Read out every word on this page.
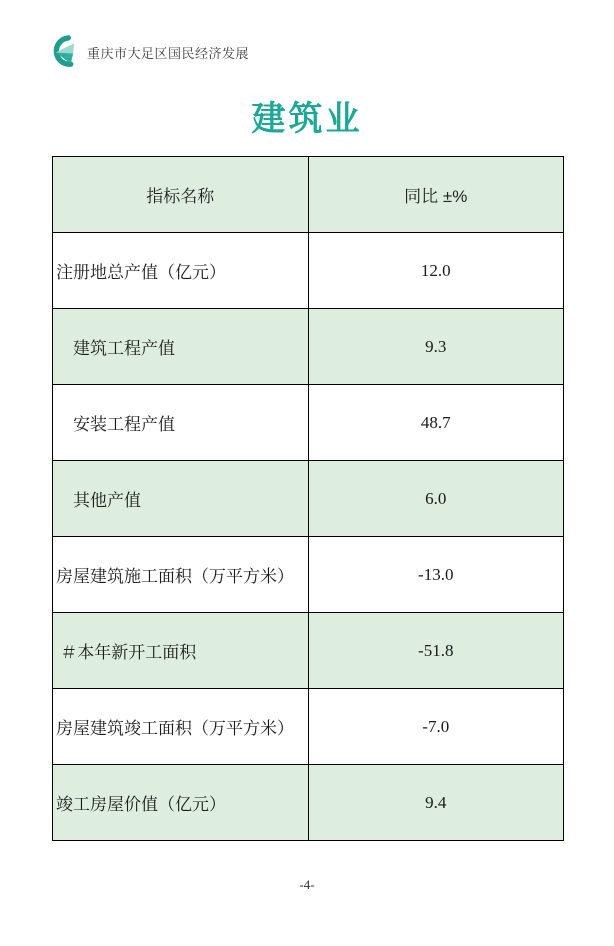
重庆市大足区国民经济发展
建筑业
指标名称	同比 ±%
注册地总产值（亿元）	12.0
　建筑工程产值	9.3
　安装工程产值	48.7
　其他产值	6.0
房屋建筑施工面积（万平方米）	-13.0
＃本年新开工面积	-51.8
房屋建筑竣工面积（万平方米）	-7.0
竣工房屋价值（亿元）	9.4
-4-
